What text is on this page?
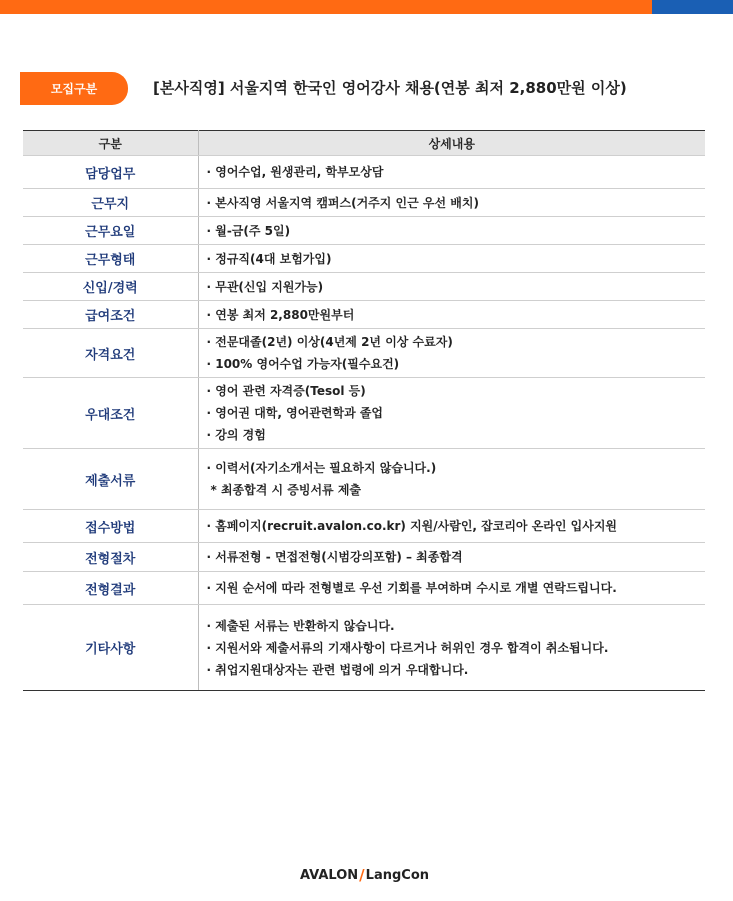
모집구분	[본사직영] 서울지역 한국인 영어강사 채용(연봉 최저 2,880만원 이상)
구분	상세내용
담당업무	· 영어수업, 원생관리, 학부모상담

근무지	· 본사직영 서울지역 캠퍼스(거주지 인근 우선 배치)

근무요일	· 월-금(주 5일)

근무형태	· 정규직(4대 보험가입)

신입/경력	· 무관(신입 지원가능)

급여조건	· 연봉 최저 2,880만원부터

자격요건	· 전문대졸(2년) 이상(4년제 2년 이상 수료자)
· 100% 영어수업 가능자(필수요건)

우대조건	· 영어 관련 자격증(Tesol 등)
· 영어권 대학, 영어관련학과 졸업
· 강의 경험

제출서류	· 이력서(자기소개서는 필요하지 않습니다.)
* 최종합격 시 증빙서류 제출

접수방법	· 홈페이지(recruit.avalon.co.kr) 지원/사람인, 잡코리아 온라인 입사지원

전형절차	· 서류전형 - 면접전형(시범강의포함) – 최종합격

전형결과	· 지원 순서에 따라 전형별로 우선 기회를 부여하며 수시로 개별 연락드립니다.

기타사항	· 제출된 서류는 반환하지 않습니다.
· 지원서와 제출서류의 기재사항이 다르거나 허위인 경우 합격이 취소됩니다.
· 취업지원대상자는 관련 법령에 의거 우대합니다.
AVALON / LangCon
